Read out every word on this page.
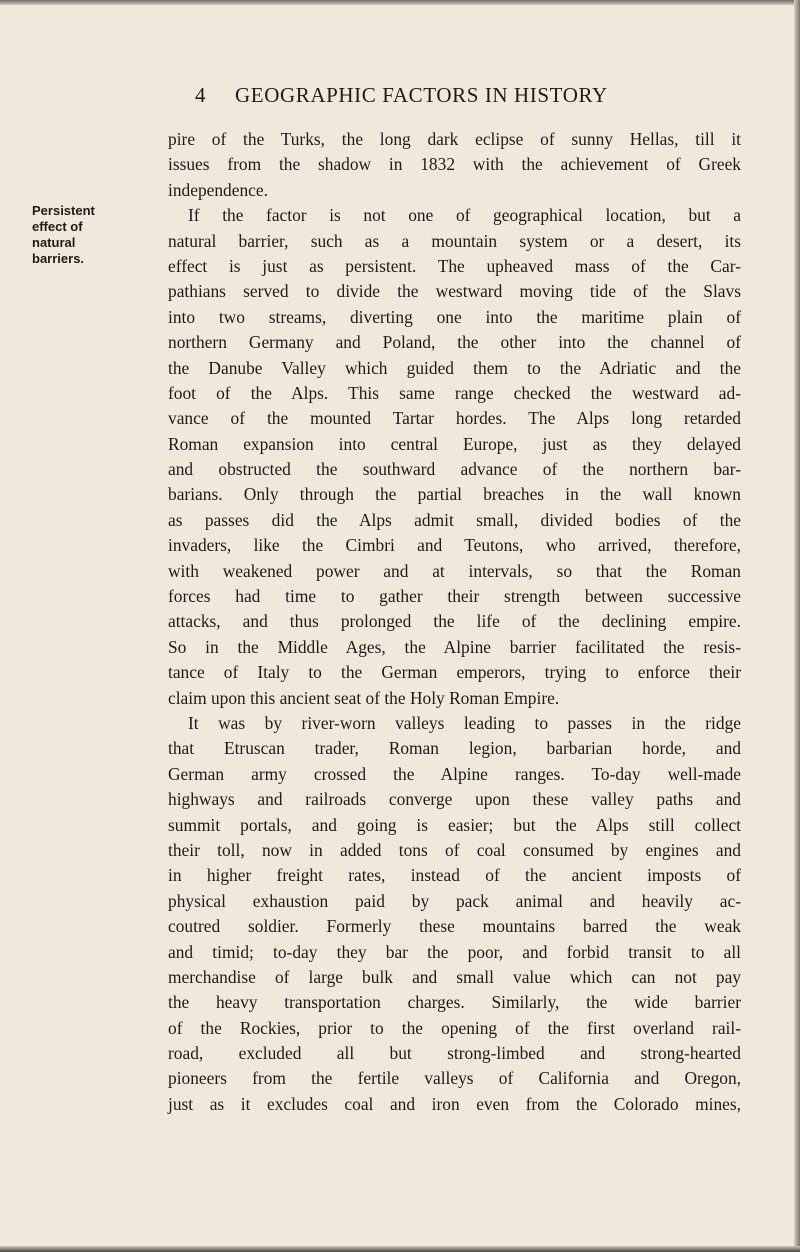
4 GEOGRAPHIC FACTORS IN HISTORY
Persistent
effect of
natural
barriers.
pire of the Turks, the long dark eclipse of sunny Hellas, till it
issues from the shadow in 1832 with the achievement of Greek
independence.
If the factor is not one of geographical location, but a
natural barrier, such as a mountain system or a desert, its
effect is just as persistent. The upheaved mass of the Car-
pathians served to divide the westward moving tide of the Slavs
into two streams, diverting one into the maritime plain of
northern Germany and Poland, the other into the channel of
the Danube Valley which guided them to the Adriatic and the
foot of the Alps. This same range checked the westward ad-
vance of the mounted Tartar hordes. The Alps long retarded
Roman expansion into central Europe, just as they delayed
and obstructed the southward advance of the northern bar-
barians. Only through the partial breaches in the wall known
as passes did the Alps admit small, divided bodies of the
invaders, like the Cimbri and Teutons, who arrived, therefore,
with weakened power and at intervals, so that the Roman
forces had time to gather their strength between successive
attacks, and thus prolonged the life of the declining empire.
So in the Middle Ages, the Alpine barrier facilitated the resis-
tance of Italy to the German emperors, trying to enforce their
claim upon this ancient seat of the Holy Roman Empire.
It was by river-worn valleys leading to passes in the ridge
that Etruscan trader, Roman legion, barbarian horde, and
German army crossed the Alpine ranges. To-day well-made
highways and railroads converge upon these valley paths and
summit portals, and going is easier; but the Alps still collect
their toll, now in added tons of coal consumed by engines and
in higher freight rates, instead of the ancient imposts of
physical exhaustion paid by pack animal and heavily ac-
coutred soldier. Formerly these mountains barred the weak
and timid; to-day they bar the poor, and forbid transit to all
merchandise of large bulk and small value which can not pay
the heavy transportation charges. Similarly, the wide barrier
of the Rockies, prior to the opening of the first overland rail-
road, excluded all but strong-limbed and strong-hearted
pioneers from the fertile valleys of California and Oregon,
just as it excludes coal and iron even from the Colorado mines,
